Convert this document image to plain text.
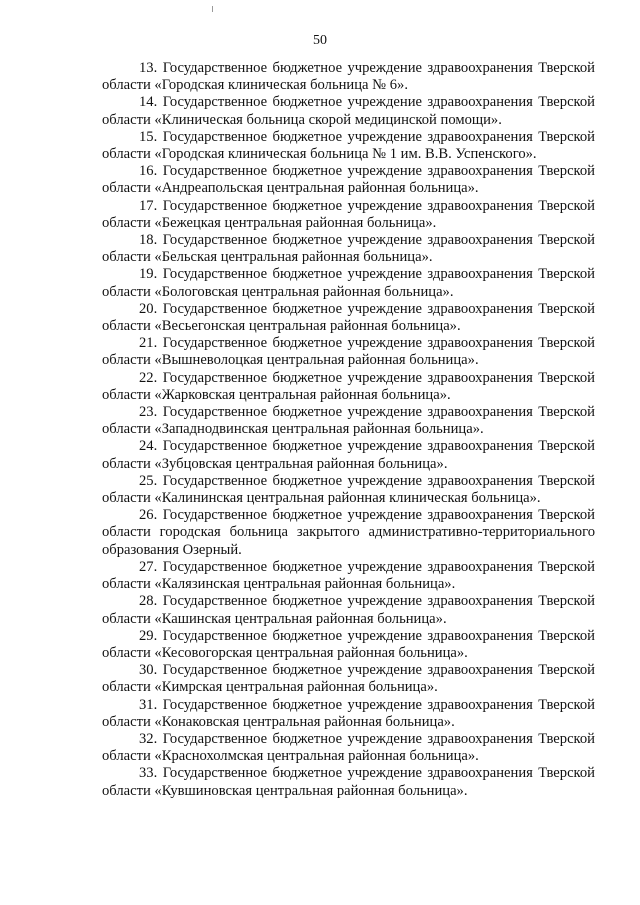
50

13. Государственное бюджетное учреждение здравоохранения Тверской области «Городская клиническая больница № 6».

14. Государственное бюджетное учреждение здравоохранения Тверской области «Клиническая больница скорой медицинской помощи».

15. Государственное бюджетное учреждение здравоохранения Тверской области «Городская клиническая больница № 1 им. В.В. Успенского».

16. Государственное бюджетное учреждение здравоохранения Тверской области «Андреапольская центральная районная больница».

17. Государственное бюджетное учреждение здравоохранения Тверской области «Бежецкая центральная районная больница».

18. Государственное бюджетное учреждение здравоохранения Тверской области «Бельская центральная районная больница».

19. Государственное бюджетное учреждение здравоохранения Тверской области «Бологовская центральная районная больница».

20. Государственное бюджетное учреждение здравоохранения Тверской области «Весьегонская центральная районная больница».

21. Государственное бюджетное учреждение здравоохранения Тверской области «Вышневолоцкая центральная районная больница».

22. Государственное бюджетное учреждение здравоохранения Тверской области «Жарковская центральная районная больница».

23. Государственное бюджетное учреждение здравоохранения Тверской области «Западнодвинская центральная районная больница».

24. Государственное бюджетное учреждение здравоохранения Тверской области «Зубцовская центральная районная больница».

25. Государственное бюджетное учреждение здравоохранения Тверской области «Калининская центральная районная клиническая больница».

26. Государственное бюджетное учреждение здравоохранения Тверской области городская больница закрытого административно-территориального образования Озерный.

27. Государственное бюджетное учреждение здравоохранения Тверской области «Калязинская центральная районная больница».

28. Государственное бюджетное учреждение здравоохранения Тверской области «Кашинская центральная районная больница».

29. Государственное бюджетное учреждение здравоохранения Тверской области «Кесовогорская центральная районная больница».

30. Государственное бюджетное учреждение здравоохранения Тверской области «Кимрская центральная районная больница».

31. Государственное бюджетное учреждение здравоохранения Тверской области «Конаковская центральная районная больница».

32. Государственное бюджетное учреждение здравоохранения Тверской области «Краснохолмская центральная районная больница».

33. Государственное бюджетное учреждение здравоохранения Тверской области «Кувшиновская центральная районная больница».
